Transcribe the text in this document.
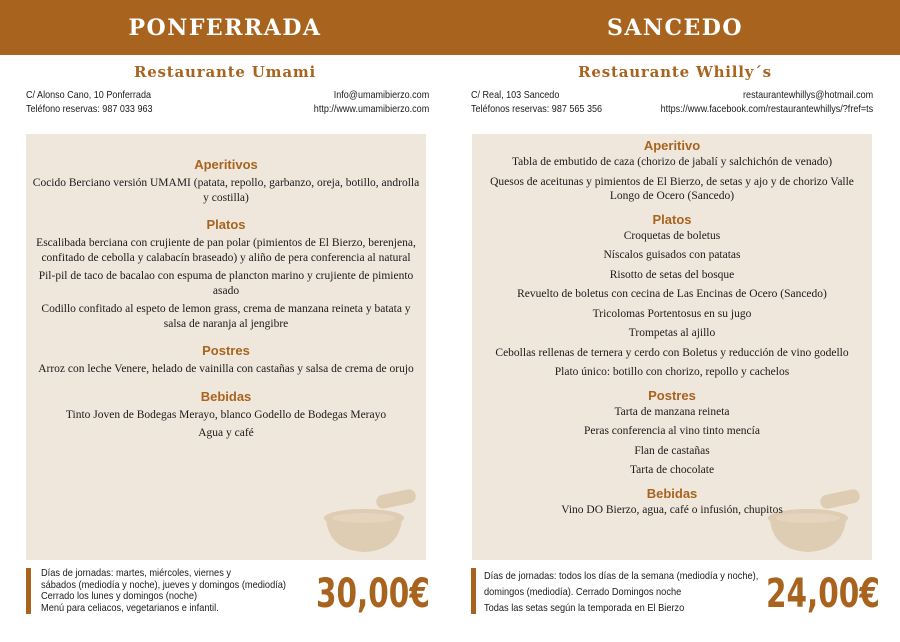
PONFERRADA
Restaurante Umami
C/ Alonso Cano, 10 Ponferrada
Teléfono reservas: 987 033 963
Info@umamibierzo.com
http://www.umamibierzo.com
Aperitivos
Cocido Berciano versión UMAMI (patata, repollo, garbanzo, oreja, botillo, androlla y costilla)
Platos
Escalibada berciana con crujiente de pan polar (pimientos de El Bierzo, berenjena, confitado de cebolla y calabacín braseado) y aliño de pera conferencia al natural
Pil-pil de taco de bacalao con espuma de plancton marino y crujiente de pimiento asado
Codillo confitado al espeto de lemon grass, crema de manzana reineta y batata y salsa de naranja al jengibre
Postres
Arroz con leche Venere, helado de vainilla con castañas y salsa de crema de orujo
Bebidas
Tinto Joven de Bodegas Merayo, blanco Godello de Bodegas Merayo
Agua y café
Días de jornadas: martes, miércoles, viernes y
sábados (mediodía y noche), jueves y domingos (mediodía)
Cerrado los lunes y domingos (noche)
Menú para celiacos, vegetarianos e infantil.	30,00€
SANCEDO
Restaurante Whilly´s
C/ Real, 103 Sancedo
Teléfonos reservas: 987 565 356
restaurantewhillys@hotmail.com
https://www.facebook.com/restaurantewhillys/?fref=ts
Aperitivo
Tabla de embutido de caza (chorizo de jabalí y salchichón de venado)
Quesos de aceitunas y pimientos de El Bierzo, de setas y ajo y de chorizo Valle Longo de Ocero (Sancedo)
Platos
Croquetas de boletus
Níscalos guisados con patatas
Risotto de setas del bosque
Revuelto de boletus con cecina de Las Encinas de Ocero (Sancedo)
Tricolomas Portentosus en su jugo
Trompetas al ajillo
Cebollas rellenas de ternera y cerdo con Boletus y reducción de vino godello
Plato único: botillo con chorizo, repollo y cachelos
Postres
Tarta de manzana reineta
Peras conferencia al vino tinto mencía
Flan de castañas
Tarta de chocolate
Bebidas
Vino DO Bierzo, agua, café o infusión, chupitos
Días de jornadas: todos los días de la semana (mediodía y noche),
domingos (mediodía). Cerrado Domingos noche
Todas las setas según la temporada en El Bierzo	24,00€
